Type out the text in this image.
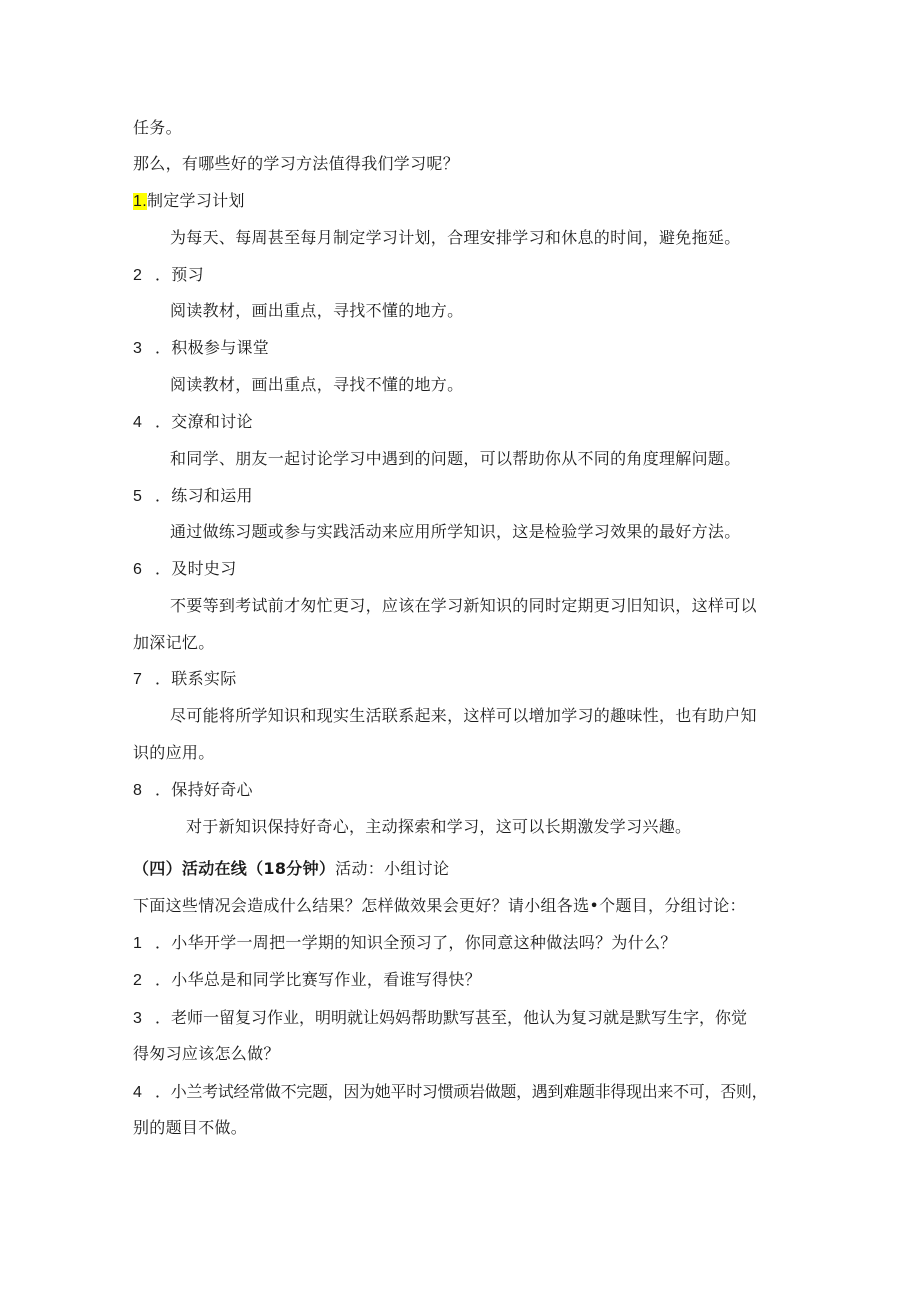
任务。
那么，有哪些好的学习方法值得我们学习呢？
1.制定学习计划
为每天、每周甚至每月制定学习计划，合理安排学习和休息的时间，避免拖延。
2 ．预习
阅读教材，画出重点，寻找不懂的地方。
3 ．积极参与课堂
阅读教材，画出重点，寻找不懂的地方。
4 ．交潦和讨论
和同学、朋友一起讨论学习中遇到的问题，可以帮助你从不同的角度理解问题。
5 ．练习和运用
通过做练习题或参与实践活动来应用所学知识，这是检验学习效果的最好方法。
6 ．及时史习
不要等到考试前才匆忙更习，应该在学习新知识的同时定期更习旧知识，这样可以
加深记忆。
7 ．联系实际
尽可能将所学知识和现实生活联系起来，这样可以增加学习的趣味性，也有助户知
识的应用。
8 ．保持好奇心
对于新知识保持好奇心，主动探索和学习，这可以长期激发学习兴趣。
（四）活动在线（18分钟）活动：小组讨论
下面这些情况会造成什么结果？怎样做效果会更好？请小组各选•个题目，分组讨论：
1 ．小华开学一周把一学期的知识全预习了，你同意这种做法吗？为什么？
2 ．小华总是和同学比赛写作业，看谁写得快？
3 ．老师一留复习作业，明明就让妈妈帮助默写甚至，他认为复习就是默写生字，你觉
得匆习应该怎么做？
4 ．小兰考试经常做不完题，因为她平时习惯顽岩做题，遇到难题非得现出来不可，否则，
别的题目不做。
